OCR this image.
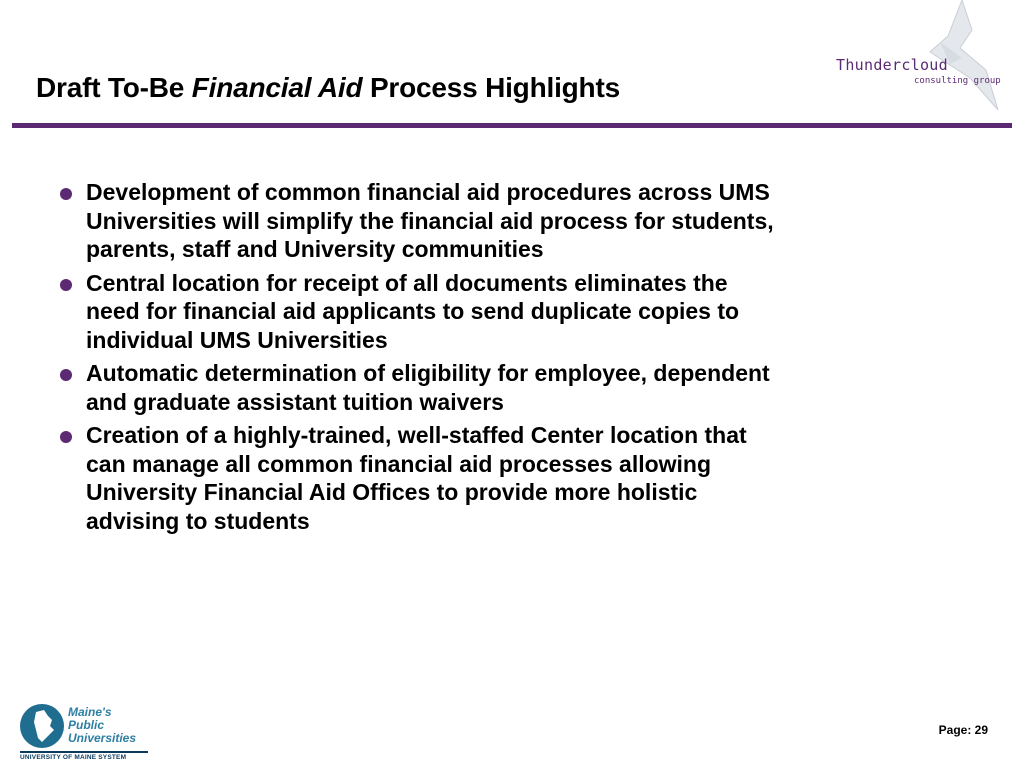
Draft To-Be Financial Aid Process Highlights
Thundercloud
consulting group
Development of common financial aid procedures across UMS
Universities will simplify the financial aid process for students,
parents, staff and University communities
Central location for receipt of all documents eliminates the
need for financial aid applicants to send duplicate copies to
individual UMS Universities
Automatic determination of eligibility for employee, dependent
and graduate assistant tuition waivers
Creation of a highly-trained, well-staffed Center location that
can manage all common financial aid processes allowing
University Financial Aid Offices to provide more holistic
advising to students
Maine's
Public
Universities
UNIVERSITY OF MAINE SYSTEM
Page: 29
